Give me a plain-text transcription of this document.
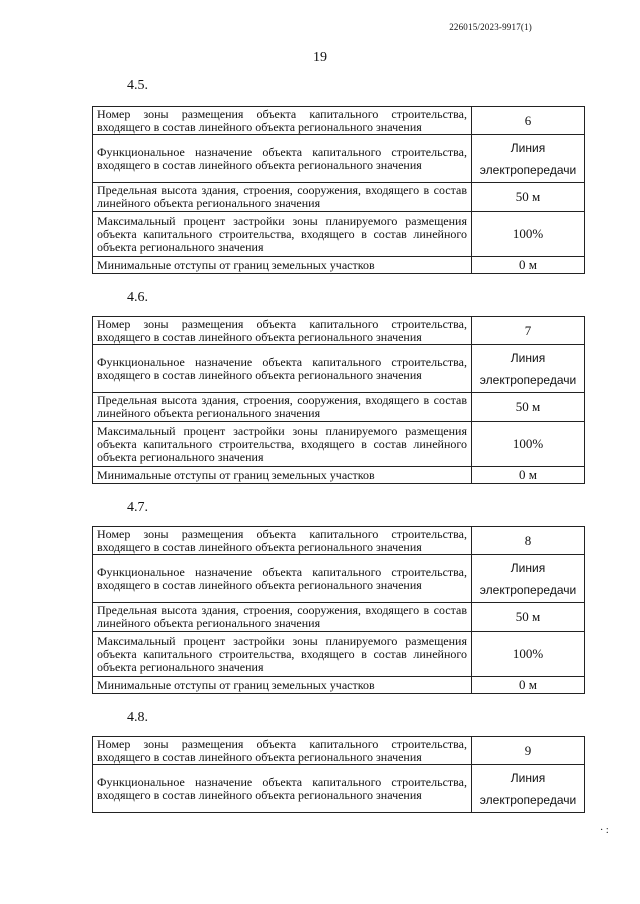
226015/2023-9917(1)
19
4.5.
Номер зоны размещения объекта капитального строительства, входящего в состав линейного объекта регионального значения	6
Функциональное назначение объекта капитального строительства, входящего в состав линейного объекта регионального значения	Линия электропередачи
Предельная высота здания, строения, сооружения, входящего в состав линейного объекта регионального значения	50 м
Максимальный процент застройки зоны планируемого размещения объекта капитального строительства, входящего в состав линейного объекта регионального значения	100%
Минимальные отступы от границ земельных участков	0 м
4.6.
Номер зоны размещения объекта капитального строительства, входящего в состав линейного объекта регионального значения	7
Функциональное назначение объекта капитального строительства, входящего в состав линейного объекта регионального значения	Линия электропередачи
Предельная высота здания, строения, сооружения, входящего в состав линейного объекта регионального значения	50 м
Максимальный процент застройки зоны планируемого размещения объекта капитального строительства, входящего в состав линейного объекта регионального значения	100%
Минимальные отступы от границ земельных участков	0 м
4.7.
Номер зоны размещения объекта капитального строительства, входящего в состав линейного объекта регионального значения	8
Функциональное назначение объекта капитального строительства, входящего в состав линейного объекта регионального значения	Линия электропередачи
Предельная высота здания, строения, сооружения, входящего в состав линейного объекта регионального значения	50 м
Максимальный процент застройки зоны планируемого размещения объекта капитального строительства, входящего в состав линейного объекта регионального значения	100%
Минимальные отступы от границ земельных участков	0 м
4.8.
Номер зоны размещения объекта капитального строительства, входящего в состав линейного объекта регионального значения	9
Функциональное назначение объекта капитального строительства, входящего в состав линейного объекта регионального значения	Линия электропередачи
· :
